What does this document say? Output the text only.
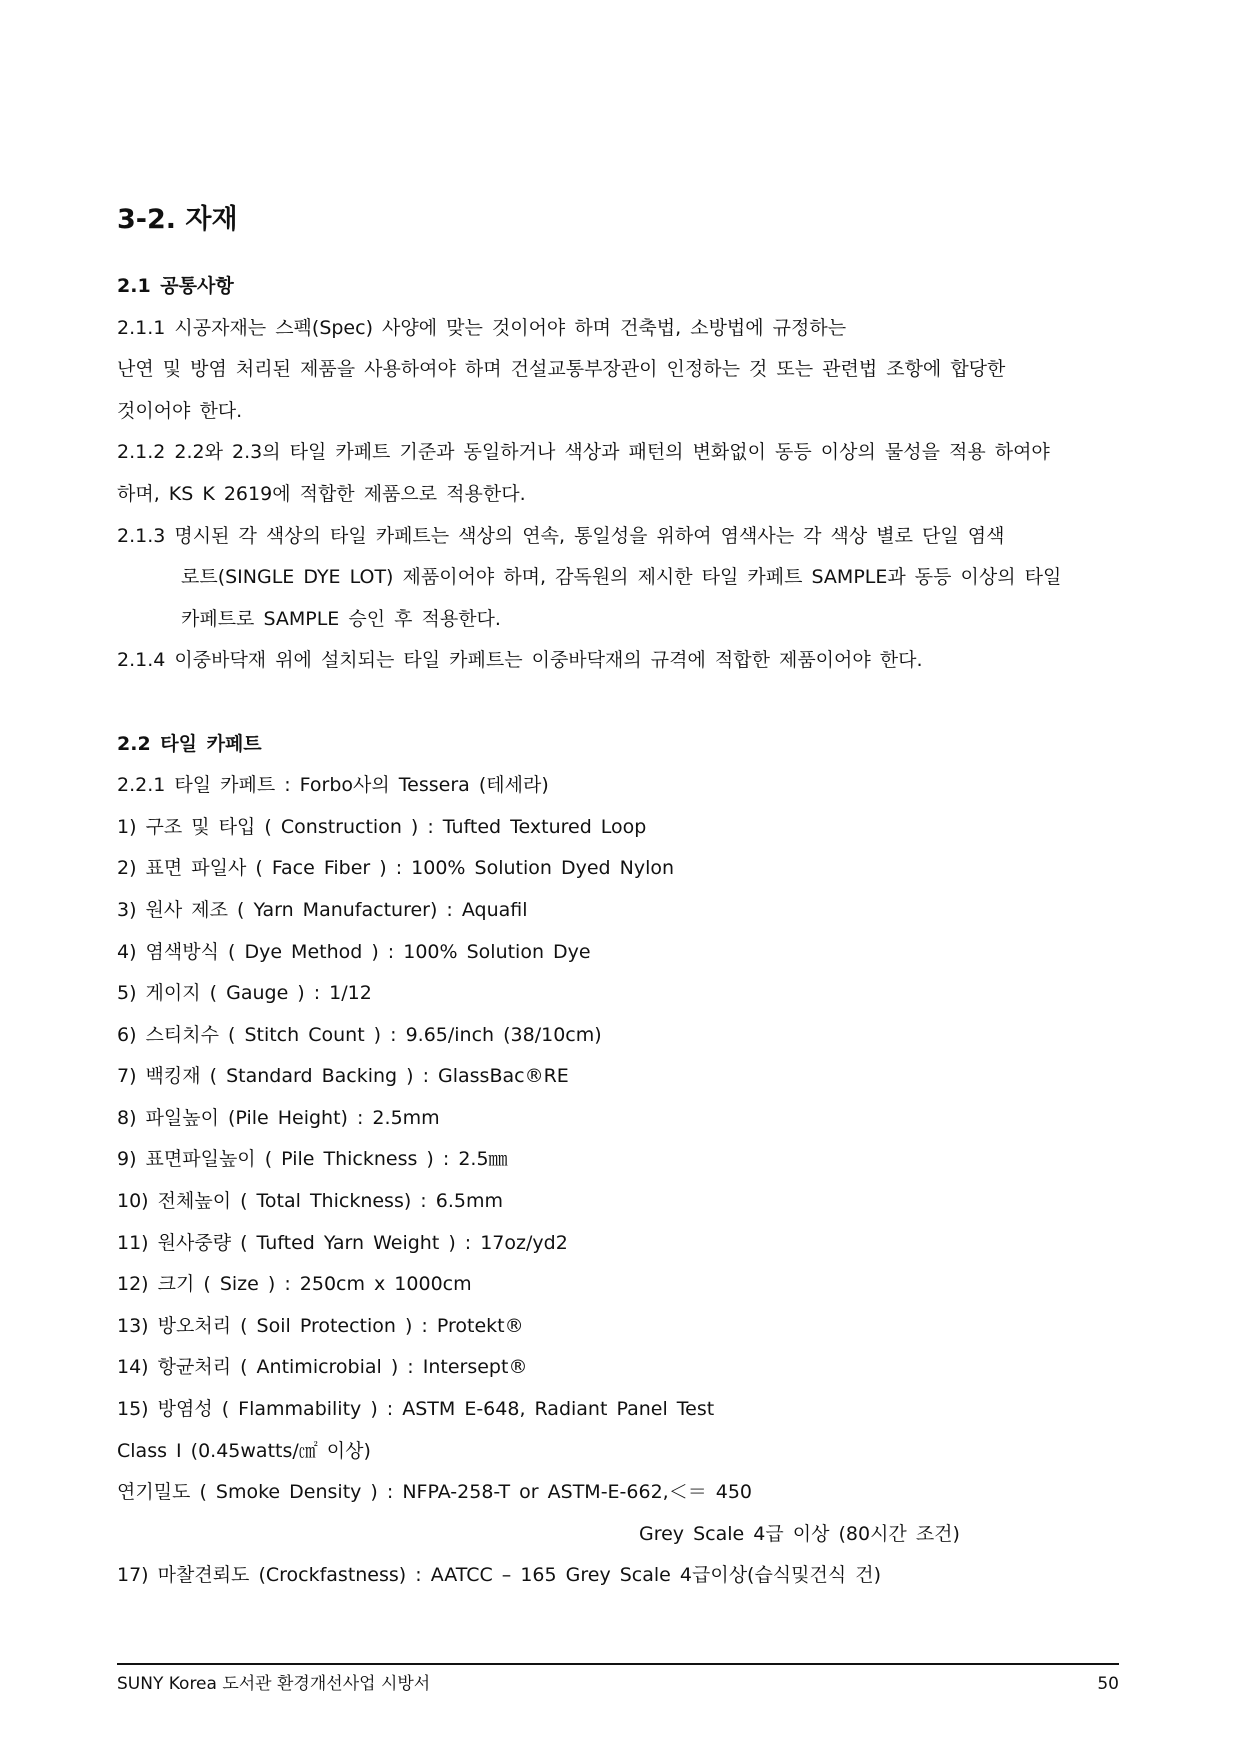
3-2. 자재
2.1 공통사항
2.1.1 시공자재는 스펙(Spec) 사양에 맞는 것이어야 하며 건축법, 소방법에 규정하는
난연 및 방염 처리된 제품을 사용하여야 하며 건설교통부장관이 인정하는 것 또는 관련법 조항에 합당한
것이어야 한다.
2.1.2 2.2와 2.3의 타일 카페트 기준과 동일하거나 색상과 패턴의 변화없이 동등 이상의 물성을 적용 하여야
하며, KS K 2619에 적합한 제품으로 적용한다.
2.1.3 명시된 각 색상의 타일 카페트는 색상의 연속, 통일성을 위하여 염색사는 각 색상 별로 단일 염색
로트(SINGLE DYE LOT) 제품이어야 하며, 감독원의 제시한 타일 카페트 SAMPLE과 동등 이상의 타일
카페트로 SAMPLE 승인 후 적용한다.
2.1.4 이중바닥재 위에 설치되는 타일 카페트는 이중바닥재의 규격에 적합한 제품이어야 한다.
2.2 타일 카페트
2.2.1 타일 카페트 : Forbo사의 Tessera (테세라)
1) 구조 및 타입 ( Construction ) : Tufted Textured Loop
2) 표면 파일사 ( Face Fiber ) : 100% Solution Dyed Nylon
3) 원사 제조 ( Yarn Manufacturer) : Aquafil
4) 염색방식 ( Dye Method ) : 100% Solution Dye
5) 게이지 ( Gauge ) : 1/12
6) 스티치수 ( Stitch Count ) : 9.65/inch (38/10cm)
7) 백킹재 ( Standard Backing ) : GlassBac®RE
8) 파일높이 (Pile Height) : 2.5mm
9) 표면파일높이 ( Pile Thickness ) : 2.5㎜
10) 전체높이 ( Total Thickness) : 6.5mm
11) 원사중량 ( Tufted Yarn Weight ) : 17oz/yd2
12) 크기 ( Size ) : 250cm x 1000cm
13) 방오처리 ( Soil Protection ) : Protekt®
14) 항균처리 ( Antimicrobial ) : Intersept®
15) 방염성 ( Flammability ) : ASTM E-648, Radiant Panel Test
Class Ⅰ (0.45watts/㎠ 이상)
연기밀도 ( Smoke Density ) : NFPA-258-T or ASTM-E-662,＜＝ 450

Grey Scale 4급 이상 (80시간 조건)

17) 마찰견뢰도 (Crockfastness) : AATCC – 165 Grey Scale 4급이상(습식및건식 건)
SUNY Korea 도서관 환경개선사업 시방서	50
